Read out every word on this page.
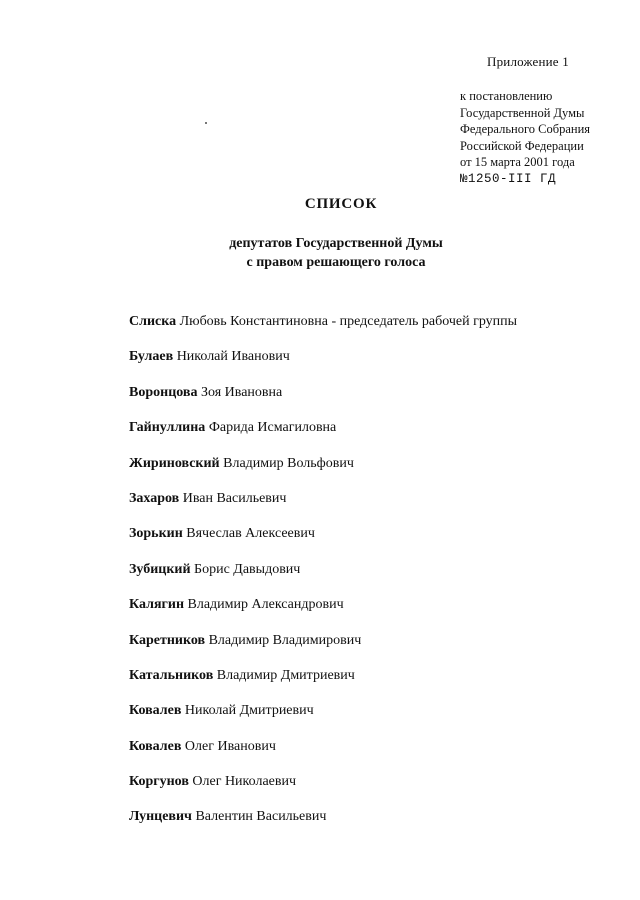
Приложение 1
к постановлению
Государственной Думы
Федерального Собрания
Российской Федерации
от 15 марта 2001 года
№1250-III ГД
СПИСОК
депутатов Государственной Думы
с правом решающего голоса
Слиска Любовь Константиновна - председатель рабочей группы
Булаев Николай Иванович
Воронцова Зоя Ивановна
Гайнуллина Фарида Исмагиловна
Жириновский Владимир Вольфович
Захаров Иван Васильевич
Зорькин Вячеслав Алексеевич
Зубицкий Борис Давыдович
Калягин Владимир Александрович
Каретников Владимир Владимирович
Катальников Владимир Дмитриевич
Ковалев Николай Дмитриевич
Ковалев Олег Иванович
Коргунов Олег Николаевич
Лунцевич Валентин Васильевич
